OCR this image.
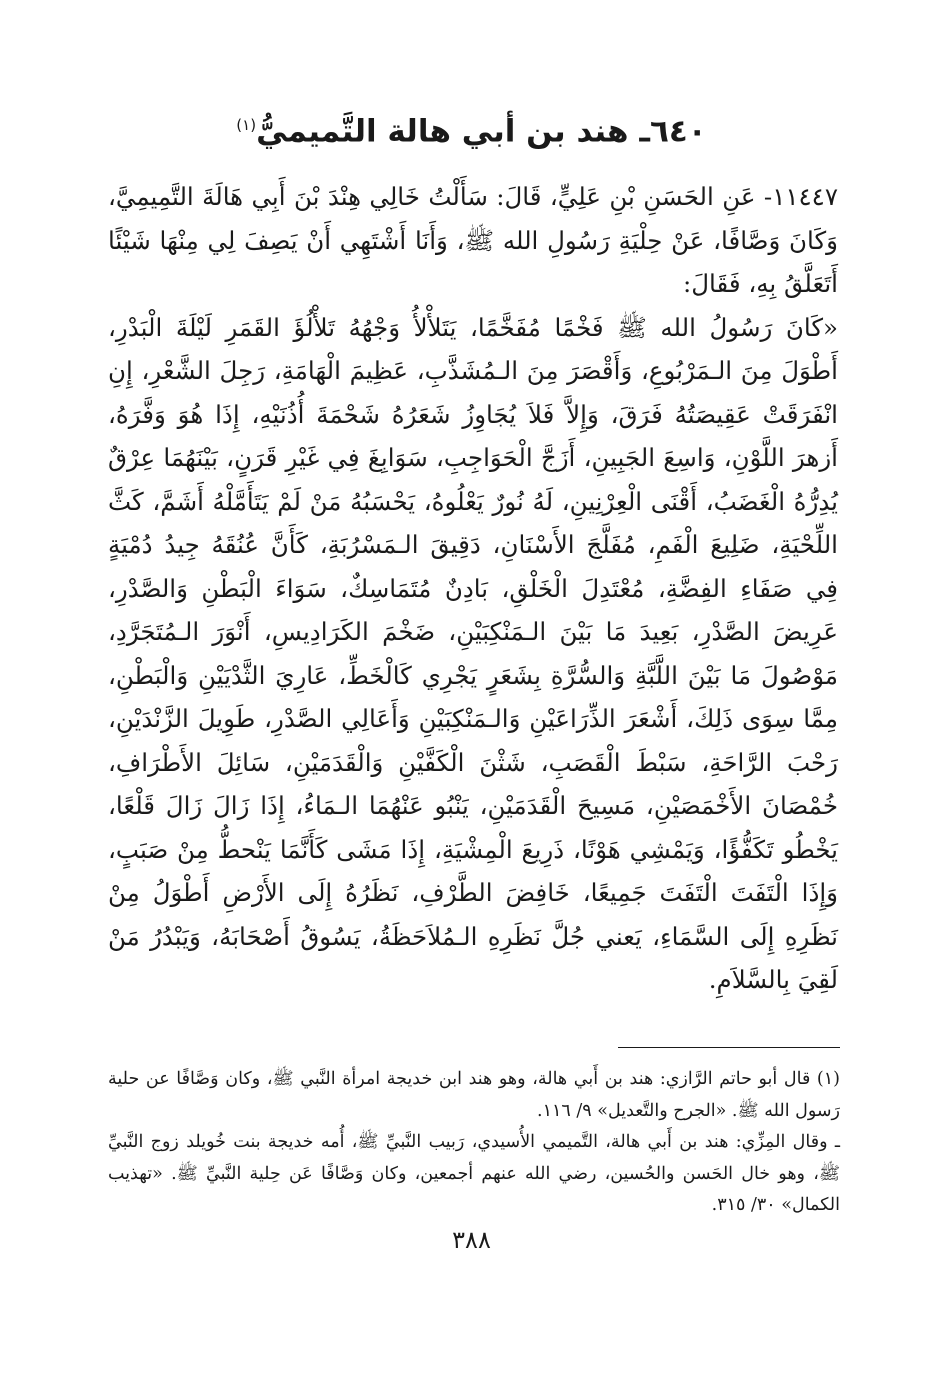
٦٤٠ـ هند بن أبي هالة التَّميميُّ$^{(١)}$

١١٤٤٧- عَنِ الحَسَنِ بْنِ عَلِيٍّ، قَالَ: سَأَلْتُ خَالِي هِنْدَ بْنَ أَبِي هَالَةَ التَّمِيمِيَّ، وَكَانَ وَصَّافًا، عَنْ حِلْيَةِ رَسُولِ الله ﷺ، وَأَنَا أَشْتَهِي أَنْ يَصِفَ لِي مِنْهَا شَيْئًا أَتَعَلَّقُ بِهِ، فَقَالَ:

«كَانَ رَسُولُ الله ﷺ فَخْمًا مُفَخَّمًا، يَتَلأْلأُ وَجْهُهُ تَلأْلُؤَ القَمَرِ لَيْلَةَ الْبَدْرِ، أَطْوَلَ مِنَ الـمَرْبُوعِ، وَأَقْصَرَ مِنَ الـمُشَذَّبِ، عَظِيمَ الْهَامَةِ، رَجِلَ الشَّعْرِ، إِنِ انْفَرَقَتْ عَقِيصَتُهُ فَرَقَ، وَإِلاَّ فَلاَ يُجَاوِزُ شَعَرُهُ شَحْمَةَ أُذُنَيْهِ، إِذَا هُوَ وَفَّرَهُ، أَزهرَ اللَّوْنِ، وَاسِعَ الجَبِينِ، أَزَجَّ الْحَوَاجِبِ، سَوَابِغَ فِي غَيْرِ قَرَنٍ، بَيْنَهُمَا عِرْقٌ يُدِرُّهُ الْغَضَبُ، أَقْنَى الْعِرْنِينِ، لَهُ نُورٌ يَعْلُوهُ، يَحْسَبُهُ مَنْ لَمْ يَتَأَمَّلْهُ أَشَمَّ، كَثَّ اللِّحْيَةِ، ضَلِيعَ الْفَمِ، مُفَلَّجَ الأَسْنَانِ، دَقِيقَ الـمَسْرُبَةِ، كَأَنَّ عُنُقَهُ جِيدُ دُمْيَةٍ فِي صَفَاءِ الفِضَّةِ، مُعْتَدِلَ الْخَلْقِ، بَادِنٌ مُتَمَاسِكٌ، سَوَاءَ الْبَطْنِ وَالصَّدْرِ، عَرِيضَ الصَّدْرِ، بَعِيدَ مَا بَيْنَ الـمَنْكِبَيْنِ، ضَخْمَ الكَرَادِيسِ، أَنْوَرَ الـمُتَجَرَّدِ، مَوْصُولَ مَا بَيْنَ اللَّبَّةِ وَالسُّرَّةِ بِشَعَرٍ يَجْرِي كَالْخَطِّ، عَارِيَ الثَّدْيَيْنِ وَالْبَطْنِ، مِمَّا سِوَى ذَلِكَ، أَشْعَرَ الذِّرَاعَيْنِ وَالـمَنْكِبَيْنِ وَأَعَالِي الصَّدْرِ، طَوِيلَ الزَّنْدَيْنِ، رَحْبَ الرَّاحَةِ، سَبْطَ الْقَصَبِ، شَثْنَ الْكَفَّيْنِ وَالْقَدَمَيْنِ، سَائِلَ الأَطْرَافِ، خُمْصَانَ الأَخْمَصَيْنِ، مَسِيحَ الْقَدَمَيْنِ، يَنْبُو عَنْهُمَا الـمَاءُ، إِذَا زَالَ زَالَ قَلْعًا، يَخْطُو تَكَفُّؤًا، وَيَمْشِي هَوْنًا، ذَرِيعَ الْمِشْيَةِ، إِذَا مَشَى كَأَنَّمَا يَنْحطُّ مِنْ صَبَبٍ، وَإِذَا الْتَفَتَ الْتَفَتَ جَمِيعًا، خَافِضَ الطَّرْفِ، نَظَرُهُ إِلَى الأَرْضِ أَطْوَلُ مِنْ نَظَرِهِ إِلَى السَّمَاءِ، يَعني جُلَّ نَظَرِهِ الـمُلاَحَظَةُ، يَسُوقُ أَصْحَابَهُ، وَيَبْدُرُ مَنْ لَقِيَ بِالسَّلاَمِ.

(١) قال أبو حاتم الرَّازي: هند بن أَبي هالة، وهو هند ابن خديجة امرأة النَّبي ﷺ، وكان وَصَّافًا عن حلية رَسول الله ﷺ. «الجرح والتَّعديل» ٩/ ١١٦.

ـ وقال المِزِّي: هند بن أَبي هالة، التَّميمي الأُسيدي، رَبيب النَّبيِّ ﷺ، أُمه خديجة بنت خُويلد زوج النَّبيِّ ﷺ، وهو خال الحَسن والحُسين، رضي الله عنهم أجمعين، وكان وَصَّافًا عَن حِلية النَّبيِّ ﷺ. «تهذيب الكمال» ٣٠/ ٣١٥.

٣٨٨
